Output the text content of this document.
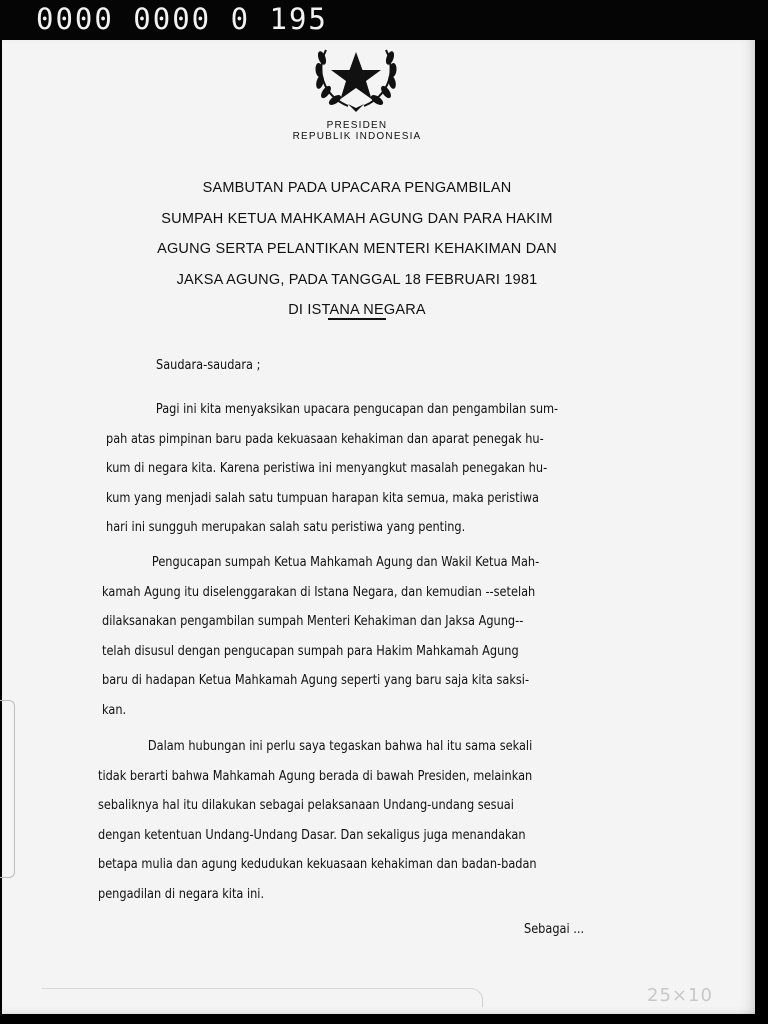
0000 0000 0 195
PRESIDEN
REPUBLIK INDONESIA
SAMBUTAN PADA UPACARA PENGAMBILAN
SUMPAH KETUA MAHKAMAH AGUNG DAN PARA HAKIM
AGUNG SERTA PELANTIKAN MENTERI KEHAKIMAN DAN
JAKSA AGUNG, PADA TANGGAL 18 FEBRUARI 1981
DI ISTANA NEGARA
Saudara-saudara ;
Pagi ini kita menyaksikan upacara pengucapan dan pengambilan sum-
pah atas pimpinan baru pada kekuasaan kehakiman dan aparat penegak hu-
kum di negara kita. Karena peristiwa ini menyangkut masalah penegakan hu-
kum yang menjadi salah satu tumpuan harapan kita semua, maka peristiwa
hari ini sungguh merupakan salah satu peristiwa yang penting.
Pengucapan sumpah Ketua Mahkamah Agung dan Wakil Ketua Mah-
kamah Agung itu diselenggarakan di Istana Negara, dan kemudian --setelah
dilaksanakan pengambilan sumpah Menteri Kehakiman dan Jaksa Agung--
telah disusul dengan pengucapan sumpah para Hakim Mahkamah Agung
baru di hadapan Ketua Mahkamah Agung seperti yang baru saja kita saksi-
kan.
Dalam hubungan ini perlu saya tegaskan bahwa hal itu sama sekali
tidak berarti bahwa Mahkamah Agung berada di bawah Presiden, melainkan
sebaliknya hal itu dilakukan sebagai pelaksanaan Undang-undang sesuai
dengan ketentuan Undang-Undang Dasar. Dan sekaligus juga menandakan
betapa mulia dan agung kedudukan kekuasaan kehakiman dan badan-badan
pengadilan di negara kita ini.
Sebagai ...
25×10
